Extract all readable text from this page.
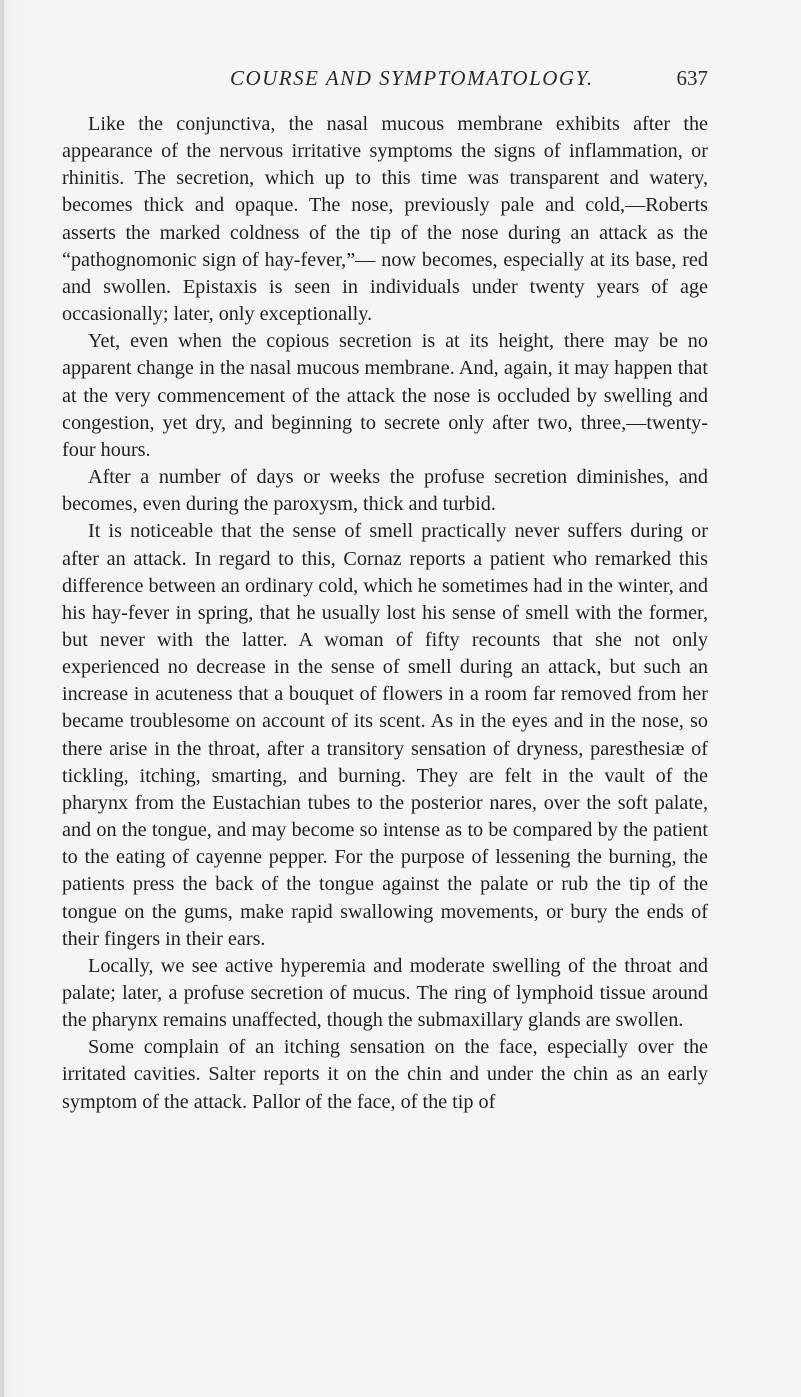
COURSE AND SYMPTOMATOLOGY.	637

Like the conjunctiva, the nasal mucous membrane exhibits after the appearance of the nervous irritative symptoms the signs of inflammation, or rhinitis. The secretion, which up to this time was transparent and watery, becomes thick and opaque. The nose, previously pale and cold,—Roberts asserts the marked coldness of the tip of the nose during an attack as the “pathognomonic sign of hay-fever,”— now becomes, especially at its base, red and swollen. Epistaxis is seen in individuals under twenty years of age occasionally; later, only exceptionally.

Yet, even when the copious secretion is at its height, there may be no apparent change in the nasal mucous membrane. And, again, it may happen that at the very commencement of the attack the nose is occluded by swelling and congestion, yet dry, and beginning to secrete only after two, three,—twenty-four hours.

After a number of days or weeks the profuse secretion diminishes, and becomes, even during the paroxysm, thick and turbid.

It is noticeable that the sense of smell practically never suffers during or after an attack. In regard to this, Cornaz reports a patient who remarked this difference between an ordinary cold, which he sometimes had in the winter, and his hay-fever in spring, that he usually lost his sense of smell with the former, but never with the latter. A woman of fifty recounts that she not only experienced no decrease in the sense of smell during an attack, but such an increase in acuteness that a bouquet of flowers in a room far removed from her became troublesome on account of its scent. As in the eyes and in the nose, so there arise in the throat, after a transitory sensation of dryness, paresthesiæ of tickling, itching, smarting, and burning. They are felt in the vault of the pharynx from the Eustachian tubes to the posterior nares, over the soft palate, and on the tongue, and may become so intense as to be compared by the patient to the eating of cayenne pepper. For the purpose of lessening the burning, the patients press the back of the tongue against the palate or rub the tip of the tongue on the gums, make rapid swallowing movements, or bury the ends of their fingers in their ears.

Locally, we see active hyperemia and moderate swelling of the throat and palate; later, a profuse secretion of mucus. The ring of lymphoid tissue around the pharynx remains unaffected, though the submaxillary glands are swollen.

Some complain of an itching sensation on the face, especially over the irritated cavities. Salter reports it on the chin and under the chin as an early symptom of the attack. Pallor of the face, of the tip of
